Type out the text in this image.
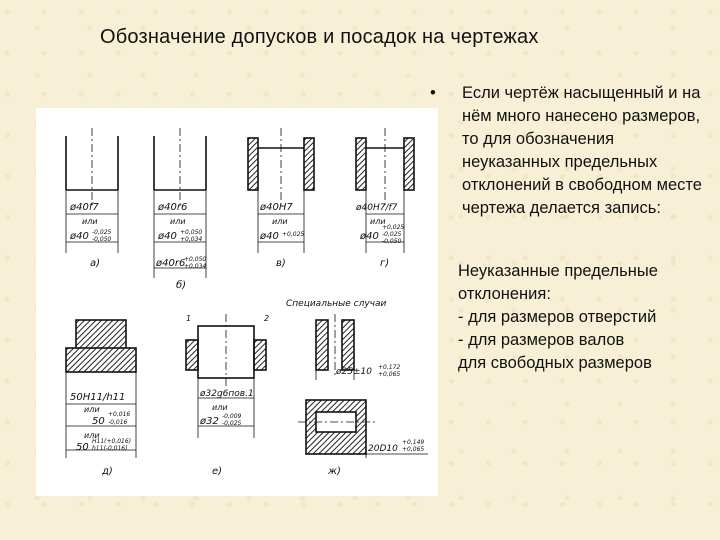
Обозначение допусков и посадок на чертежах
ø40f7
или
ø40 -0,025
-0,050
а)
ø40r6
или
ø40 +0,050
+0,034
ø40r6
+0,050
+0,034
б)
ø40H7
или
ø40 +0,025
в)
ø40H7/f7
или
ø40
+0,025
-0,025
-0,050
г)
Специальные случаи
50H11/h11
или
50
+0,016
-0,016
или
50
H11(+0,016)
h11(-0,016)
д)
1	2
ø32g6пов.1
или
ø32 -0,009
-0,025
е)
ø25±10 +0,172
+0,065
20D10
+0,149
+0,065
ж)
•	Если чертёж насыщенный и на нём много нанесено размеров, то для обозначения неуказанных предельных отклонений в свободном месте чертежа делается запись:
Неуказанные предельные отклонения:
- для размеров отверстий
- для размеров валов
для свободных размеров
